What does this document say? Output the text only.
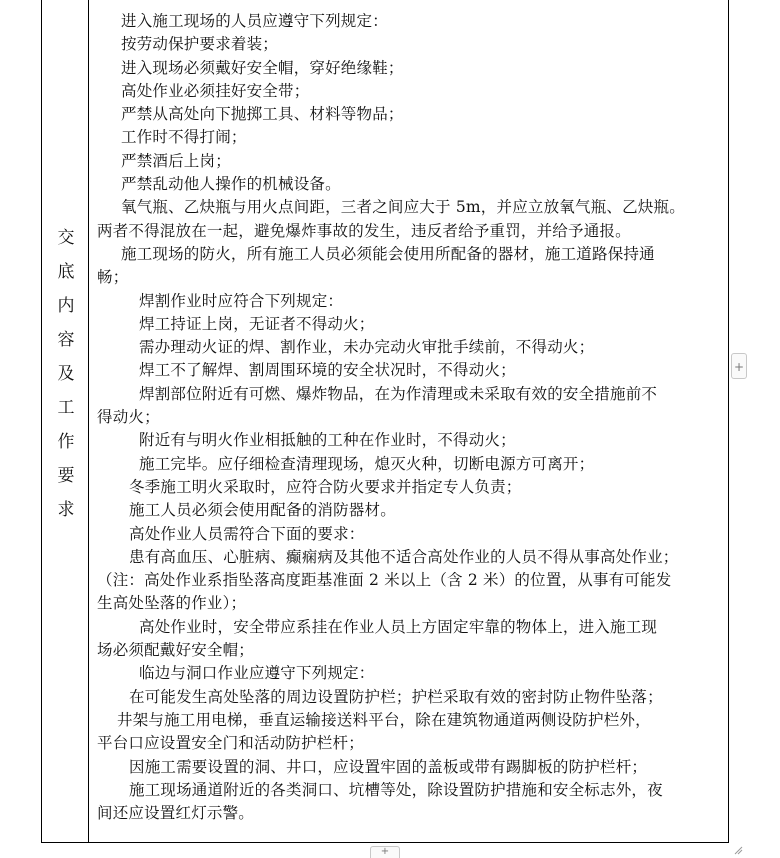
交
底
内
容
及
工
作
要
求

进入施工现场的人员应遵守下列规定：

按劳动保护要求着装；

进入现场必须戴好安全帽，穿好绝缘鞋；

高处作业必须挂好安全带；

严禁从高处向下抛掷工具、材料等物品；

工作时不得打闹；

严禁酒后上岗；

严禁乱动他人操作的机械设备。

氧气瓶、乙炔瓶与用火点间距，三者之间应大于 5m，并应立放氧气瓶、乙炔瓶。

两者不得混放在一起，避免爆炸事故的发生，违反者给予重罚，并给予通报。

施工现场的防火，所有施工人员必须能会使用所配备的器材，施工道路保持通

畅；

焊割作业时应符合下列规定：

焊工持证上岗，无证者不得动火；

需办理动火证的焊、割作业，未办完动火审批手续前，不得动火；

焊工不了解焊、割周围环境的安全状况时，不得动火；

焊割部位附近有可燃、爆炸物品，在为作清理或未采取有效的安全措施前不

得动火；

附近有与明火作业相抵触的工种在作业时，不得动火；

施工完毕。应仔细检查清理现场，熄灭火种，切断电源方可离开；

冬季施工明火采取时，应符合防火要求并指定专人负责；

施工人员必须会使用配备的消防器材。

高处作业人员需符合下面的要求：

患有高血压、心脏病、癫痫病及其他不适合高处作业的人员不得从事高处作业；

（注：高处作业系指坠落高度距基准面 2 米以上（含 2 米）的位置，从事有可能发

生高处坠落的作业）；

高处作业时，安全带应系挂在作业人员上方固定牢靠的物体上，进入施工现

场必须配戴好安全帽；

临边与洞口作业应遵守下列规定：

在可能发生高处坠落的周边设置防护栏；护栏采取有效的密封防止物件坠落；

井架与施工用电梯，垂直运输接送料平台，除在建筑物通道两侧设防护栏外，

平台口应设置安全门和活动防护栏杆；

因施工需要设置的洞、井口，应设置牢固的盖板或带有踢脚板的防护栏杆；

施工现场通道附近的各类洞口、坑槽等处，除设置防护措施和安全标志外，夜

间还应设置红灯示警。

+
+
